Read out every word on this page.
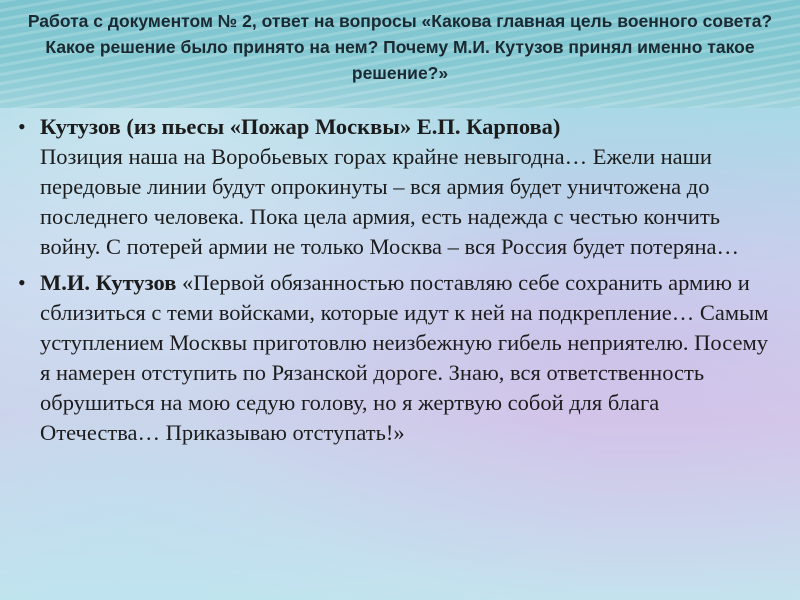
Работа с документом № 2, ответ на вопросы «Какова главная цель военного совета? Какое решение было принято на нем? Почему М.И. Кутузов принял именно такое решение?»

• Кутузов (из пьесы «Пожар Москвы» Е.П. Карпова)
Позиция наша на Воробьевых горах крайне невыгодна… Ежели наши передовые линии будут опрокинуты – вся армия будет уничтожена до последнего человека. Пока цела армия, есть надежда с честью кончить войну. С потерей армии не только Москва – вся Россия будет потеряна…
• М.И. Кутузов «Первой обязанностью поставляю себе сохранить армию и сблизиться с теми войсками, которые идут к ней на подкрепление… Самым уступлением Москвы приготовлю неизбежную гибель неприятелю. Посему я намерен отступить по Рязанской дороге. Знаю, вся ответственность обрушиться на мою седую голову, но я жертвую собой для блага Отечества… Приказываю отступать!»
